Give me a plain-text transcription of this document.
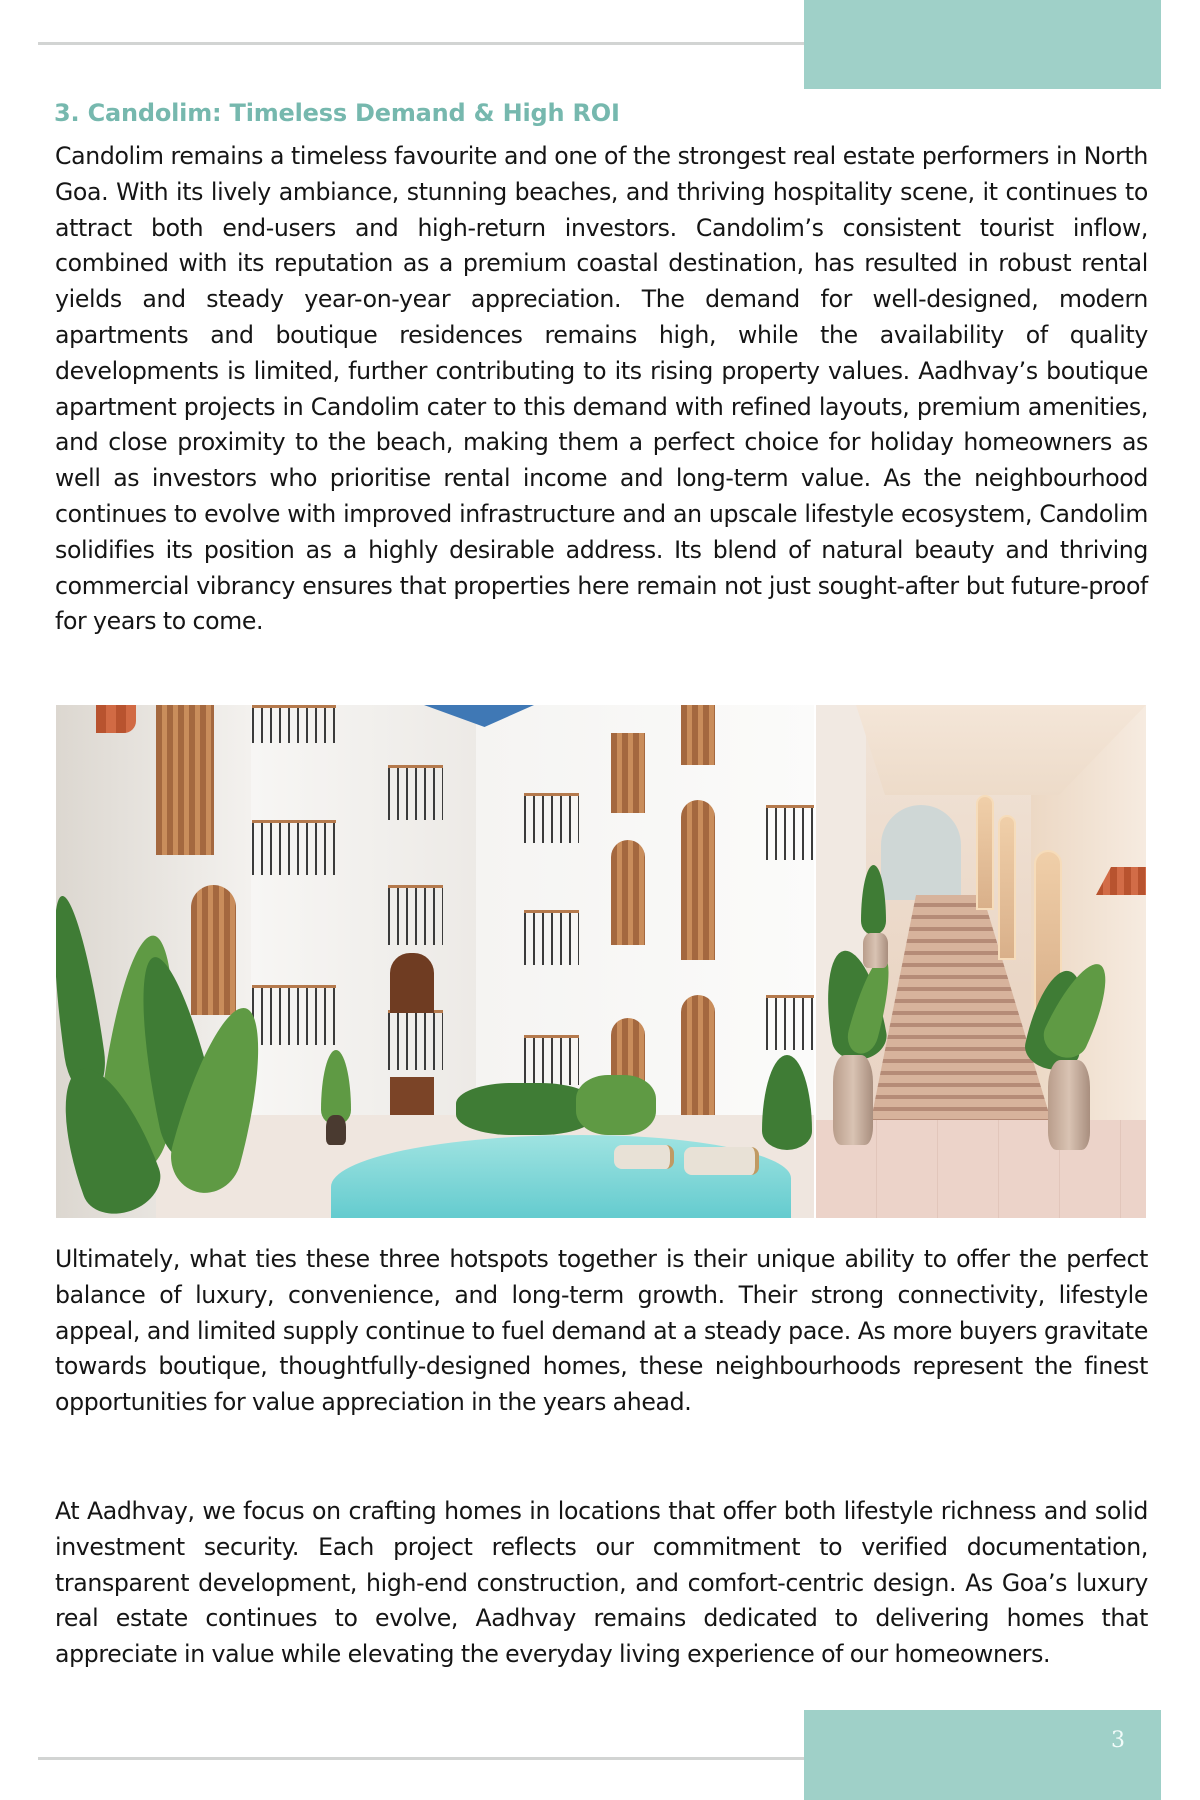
3. Candolim: Timeless Demand & High ROI

Candolim remains a timeless favourite and one of the strongest real estate performers in North Goa. With its lively ambiance, stunning beaches, and thriving hospitality scene, it continues to attract both end-users and high-return investors. Candolim’s consistent tourist inflow, combined with its reputation as a premium coastal destination, has resulted in robust rental yields and steady year-on-year appreciation. The demand for well-designed, modern apartments and boutique residences remains high, while the availability of quality developments is limited, further contributing to its rising property values. Aadhvay’s boutique apartment projects in Candolim cater to this demand with refined layouts, premium amenities, and close proximity to the beach, making them a perfect choice for holiday homeowners as well as investors who prioritise rental income and long-term value. As the neighbourhood continues to evolve with improved infrastructure and an upscale lifestyle ecosystem, Candolim solidifies its position as a highly desirable address. Its blend of natural beauty and thriving commercial vibrancy ensures that properties here remain not just sought-after but future-proof for years to come.

Ultimately, what ties these three hotspots together is their unique ability to offer the perfect balance of luxury, convenience, and long-term growth. Their strong connectivity, lifestyle appeal, and limited supply continue to fuel demand at a steady pace. As more buyers gravitate towards boutique, thoughtfully-designed homes, these neighbourhoods represent the finest opportunities for value appreciation in the years ahead.

At Aadhvay, we focus on crafting homes in locations that offer both lifestyle richness and solid investment security. Each project reflects our commitment to verified documentation, transparent development, high-end construction, and comfort-centric design. As Goa’s luxury real estate continues to evolve, Aadhvay remains dedicated to delivering homes that appreciate in value while elevating the everyday living experience of our homeowners.

3
